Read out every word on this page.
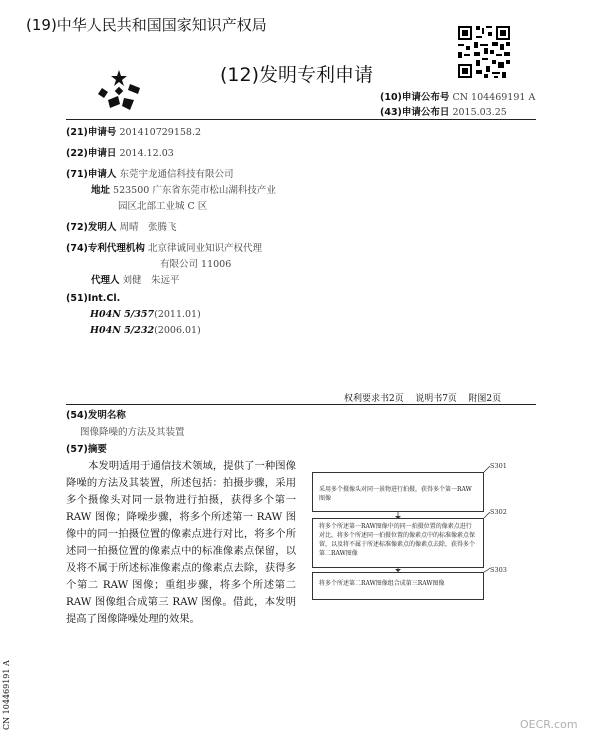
(19)中华人民共和国国家知识产权局
(12)发明专利申请
(10)申请公布号 CN 104469191 A
(43)申请公布日 2015.03.25
(21)申请号 201410729158.2
(22)申请日 2014.12.03
(71)申请人 东莞宇龙通信科技有限公司
地址 523500 广东省东莞市松山湖科技产业
园区北部工业城 C 区
(72)发明人 周晴　张腾飞
(74)专利代理机构 北京律诚同业知识产权代理
有限公司 11006
代理人 刘健　朱远平
(51)Int.Cl.
H04N 5/357(2011.01)
H04N 5/232(2006.01)
权利要求书2页 说明书7页 附图2页
(54)发明名称
图像降噪的方法及其装置
(57)摘要
本发明适用于通信技术领域，提供了一种图像降噪的方法及其装置，所述包括：拍摄步骤，采用多个摄像头对同一景物进行拍摄，获得多个第一 RAW 图像；降噪步骤，将多个所述第一 RAW 图像中的同一拍摄位置的像素点进行对比，将多个所述同一拍摄位置的像素点中的标准像素点保留，以及将不属于所述标准像素点的像素点去除，获得多个第二 RAW 图像；重组步骤，将多个所述第二 RAW 图像组合成第三 RAW 图像。借此，本发明提高了图像降噪处理的效果。
采用多个摄像头对同一景物进行拍摄，获得多个第一RAW图像
S301
将多个所述第一RAW图像中的同一拍摄位置的像素点进行对比，将多个所述同一拍摄位置的像素点中的标准像素点保留，以及将不属于所述标准像素点的像素点去除，获得多个第二RAW图像
S302
将多个所述第二RAW图像组合成第三RAW图像
S303
CN 104469191 A	OECR.com
